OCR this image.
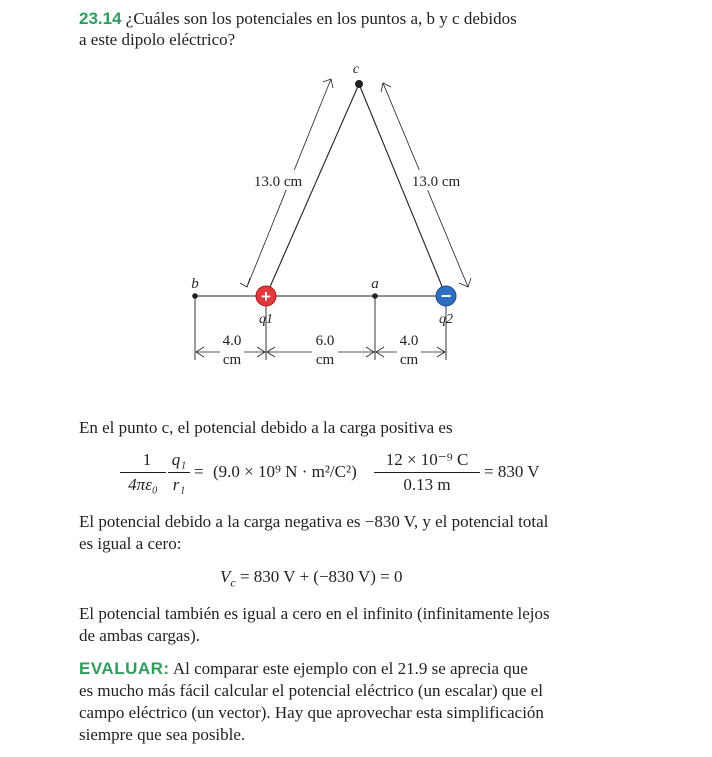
23.14 ¿Cuáles son los potenciales en los puntos a, b y c debidos
a este dipolo eléctrico?
+	−
c
b	a
q1	q2
13.0 cm	13.0 cm
4.0
cm
6.0
cm
4.0
cm
En el punto c, el potencial debido a la carga positiva es
1
4πε₀
q₁
r₁
= (9.0 × 10⁹ N · m²/C²)
12 × 10⁻⁹ C
0.13 m
= 830 V
El potencial debido a la carga negativa es −830 V, y el potencial total
es igual a cero:
$V_c = 830$ V + (−830 V) = 0
El potencial también es igual a cero en el infinito (infinitamente lejos
de ambas cargas).
EVALUAR: Al comparar este ejemplo con el 21.9 se aprecia que
es mucho más fácil calcular el potencial eléctrico (un escalar) que el
campo eléctrico (un vector). Hay que aprovechar esta simplificación
siempre que sea posible.
